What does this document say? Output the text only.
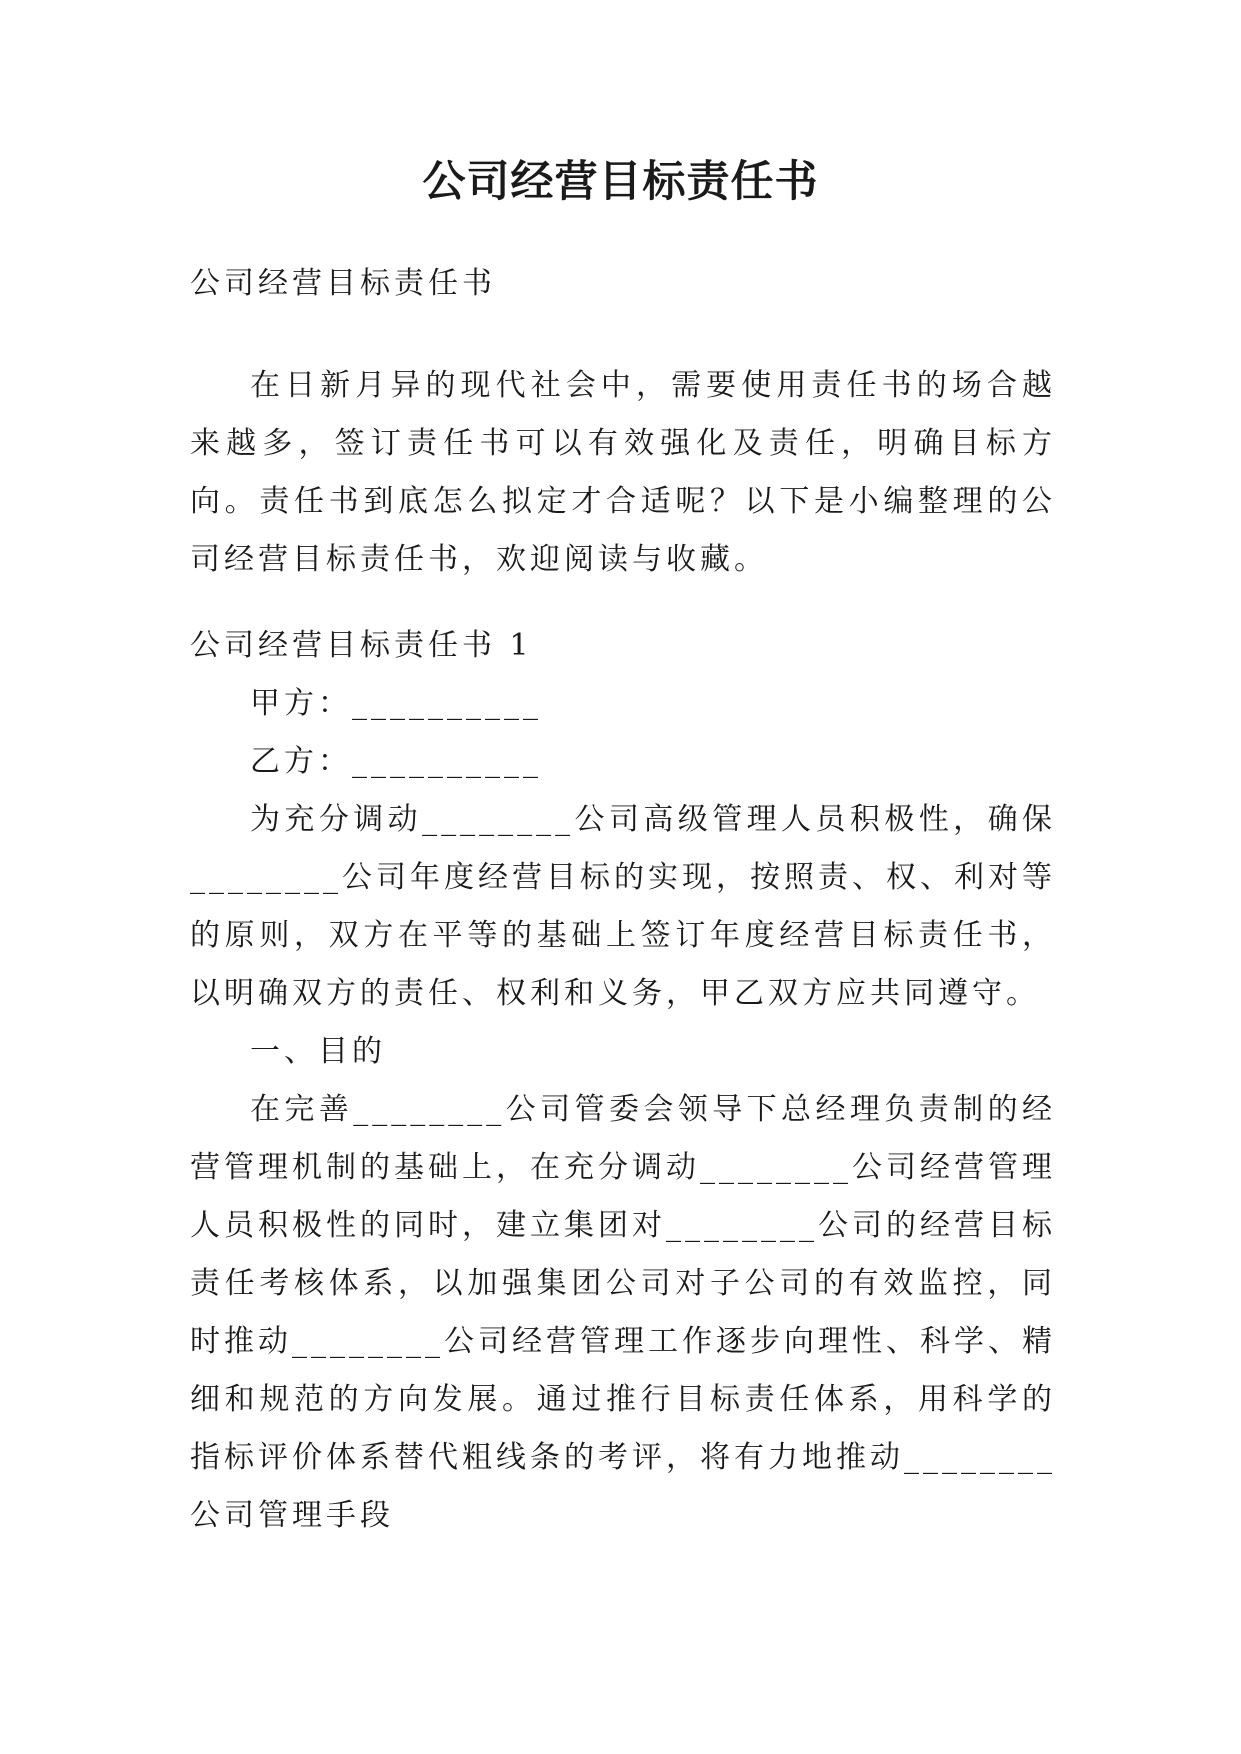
公司经营目标责任书

公司经营目标责任书

在日新月异的现代社会中，需要使用责任书的场合越来越多，签订责任书可以有效强化及责任，明确目标方向。责任书到底怎么拟定才合适呢？以下是小编整理的公司经营目标责任书，欢迎阅读与收藏。

公司经营目标责任书 1

甲方：__________

乙方：__________

为充分调动________公司高级管理人员积极性，确保________公司年度经营目标的实现，按照责、权、利对等的原则，双方在平等的基础上签订年度经营目标责任书，以明确双方的责任、权利和义务，甲乙双方应共同遵守。

一、目的

在完善________公司管委会领导下总经理负责制的经营管理机制的基础上，在充分调动________公司经营管理人员积极性的同时，建立集团对________公司的经营目标责任考核体系，以加强集团公司对子公司的有效监控，同时推动________公司经营管理工作逐步向理性、科学、精细和规范的方向发展。通过推行目标责任体系，用科学的指标评价体系替代粗线条的考评，将有力地推动________公司管理手段
